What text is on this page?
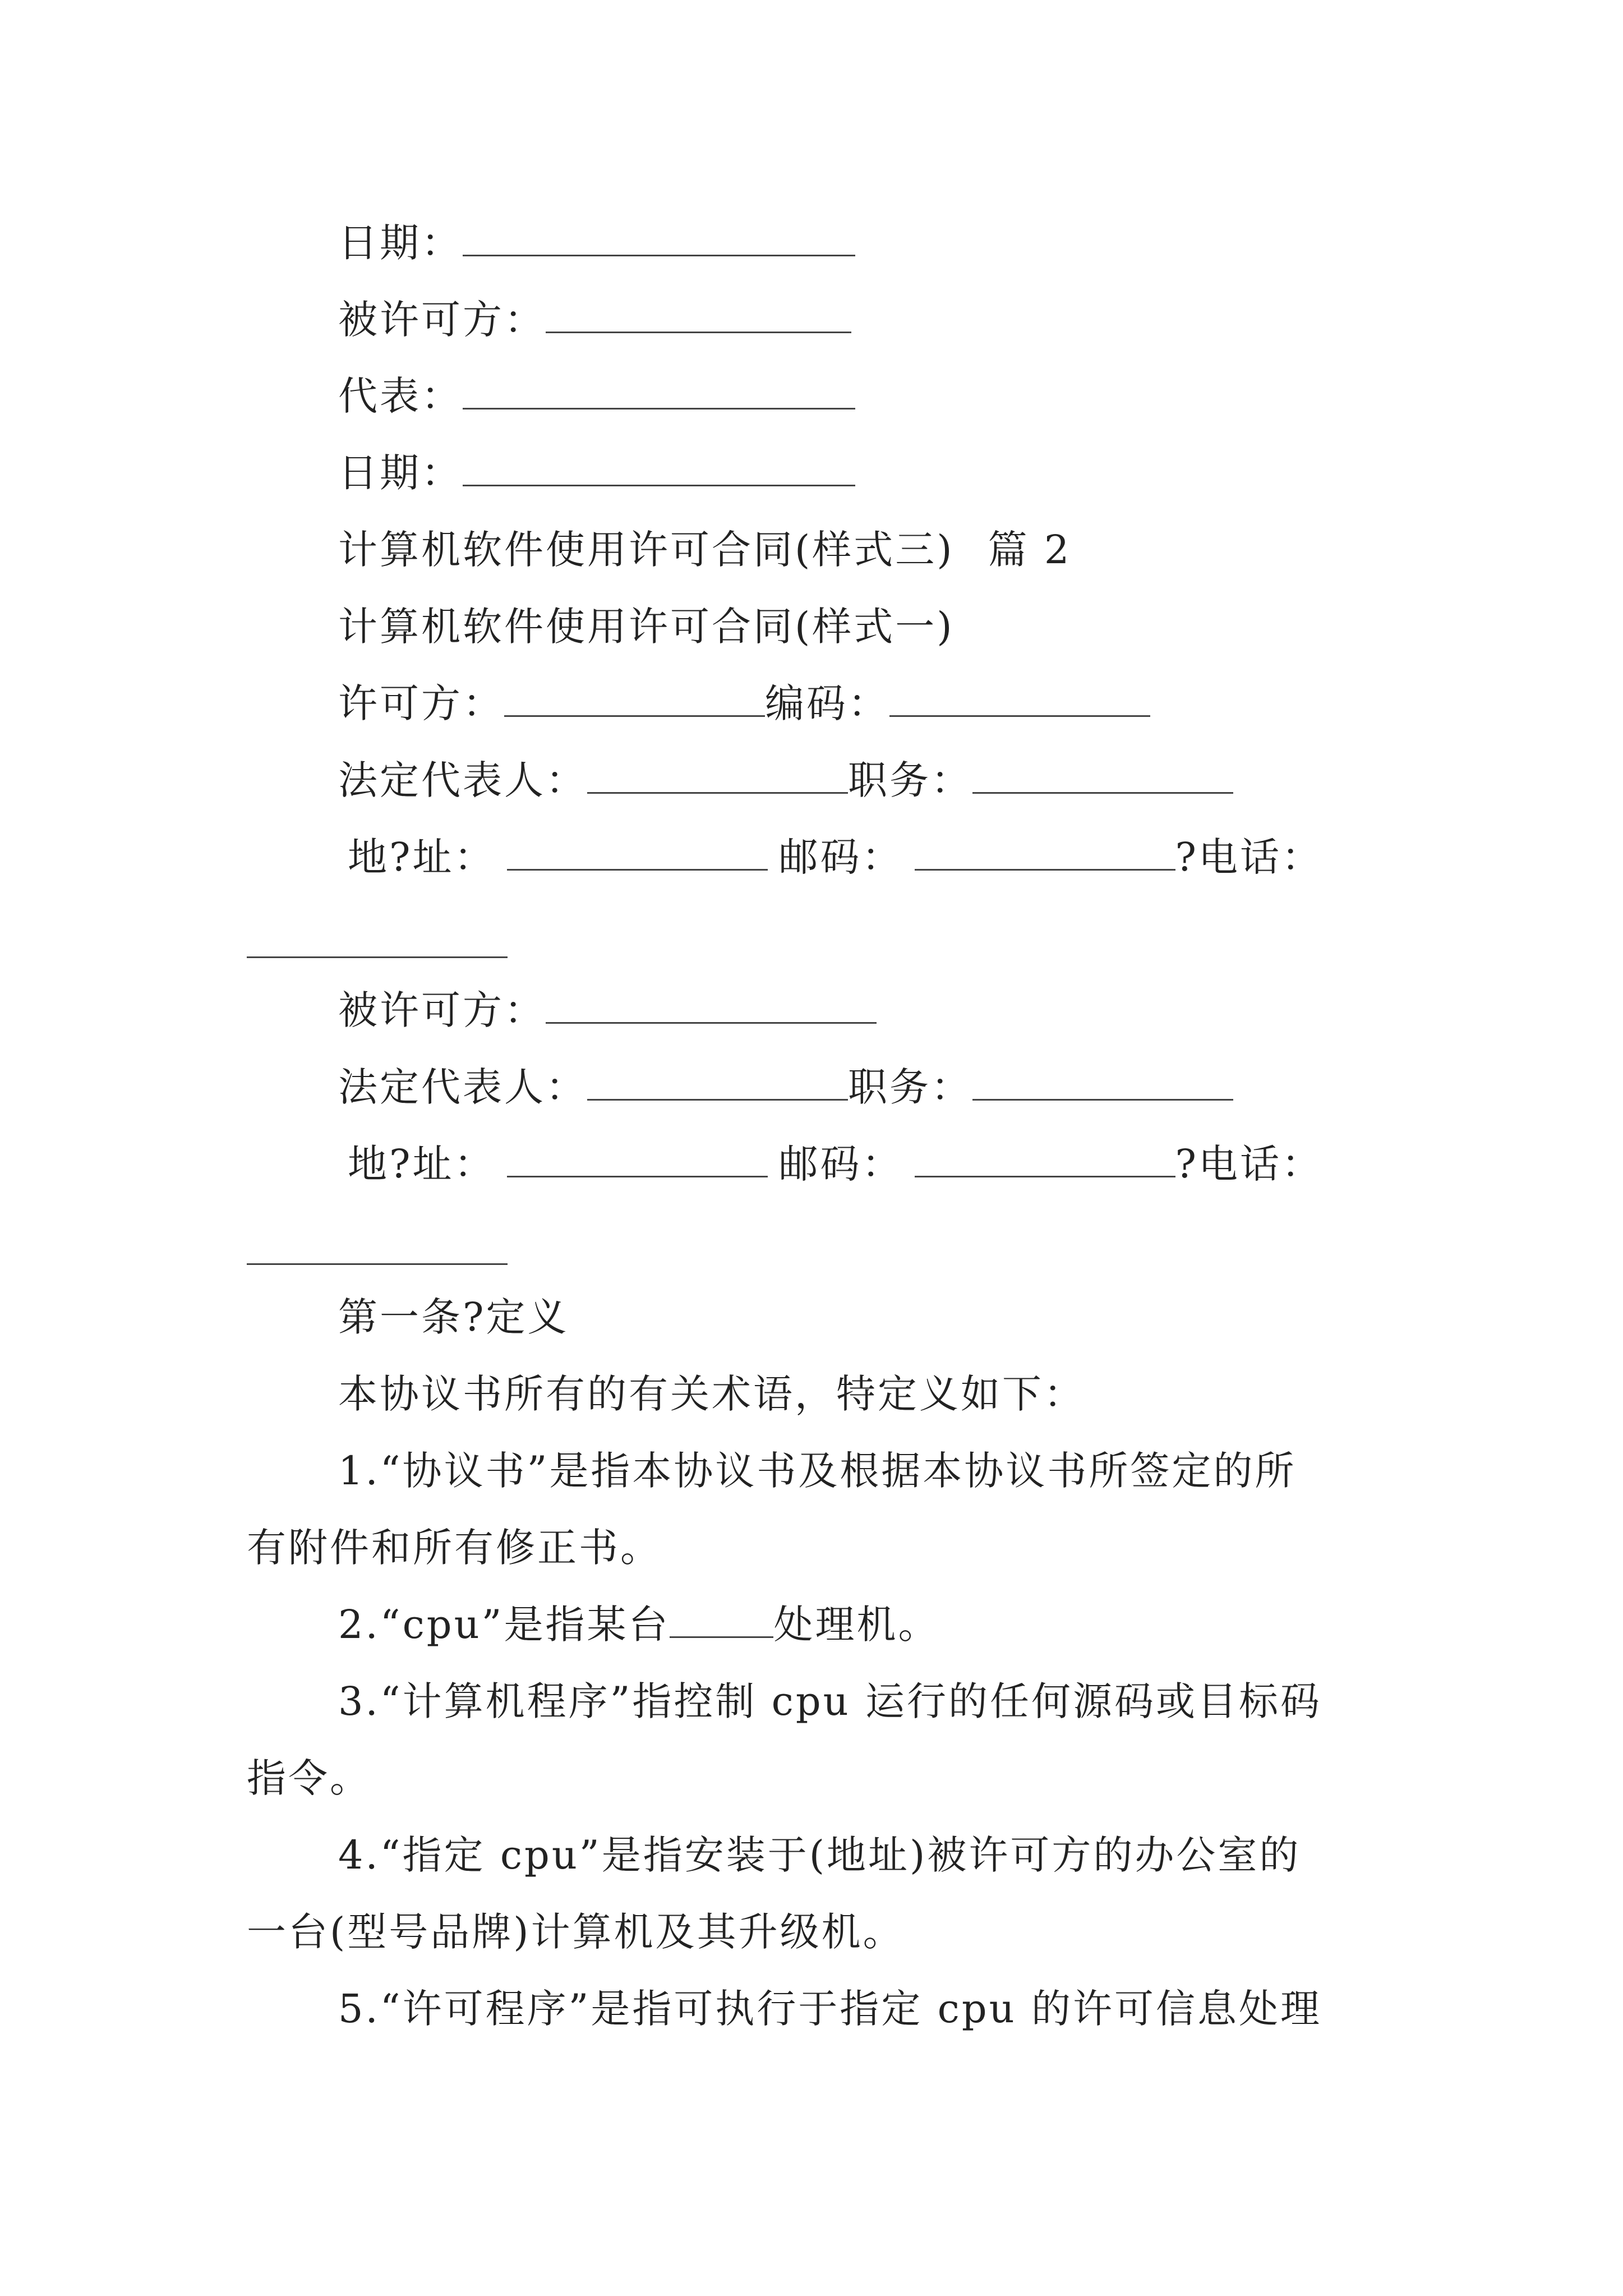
日期：
被许可方：
代表：
日期：
计算机软件使用许可合同(样式三) 篇 2
计算机软件使用许可合同(样式一)
许可方：	编码：
法定代表人：	职务：
地?址：	邮码：	?电话：
被许可方：
法定代表人：	职务：
地?址：	邮码：	?电话：
第一条?定义
本协议书所有的有关术语，特定义如下：
1.“协议书”是指本协议书及根据本协议书所签定的所
有附件和所有修正书。
2.“cpu”是指某台	处理机。
3.“计算机程序”指控制 cpu 运行的任何源码或目标码
指令。
4.“指定 cpu”是指安装于(地址)被许可方的办公室的
一台(型号品牌)计算机及其升级机。
5.“许可程序”是指可执行于指定 cpu 的许可信息处理
